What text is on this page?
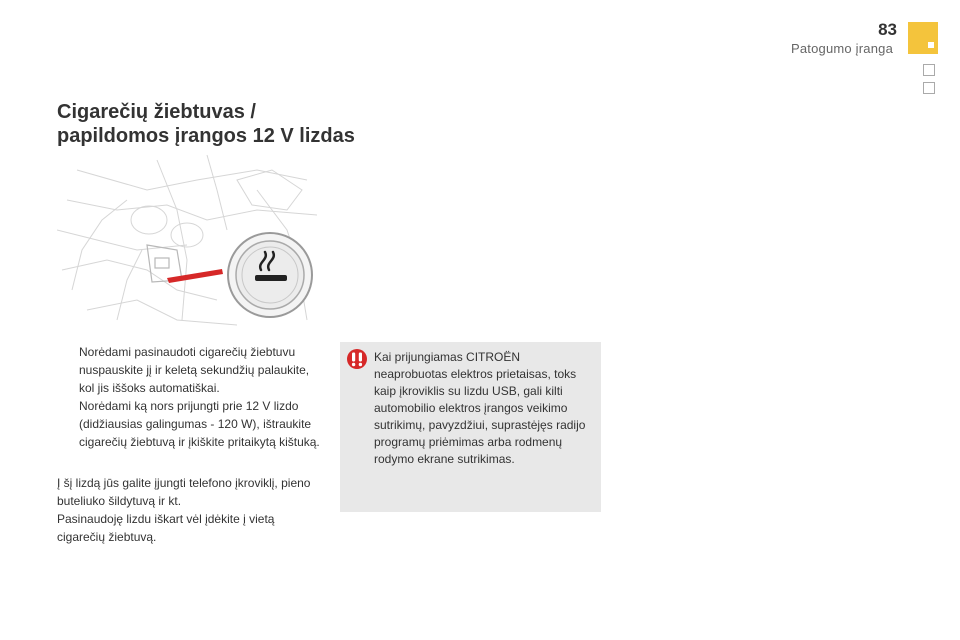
83
Patogumo įranga
Cigarečių žiebtuvas /
papildomos įrangos 12 V lizdas
Norėdami pasinaudoti cigarečių žiebtuvu nuspauskite jį ir keletą sekundžių palaukite, kol jis iššoks automatiškai.
Norėdami ką nors prijungti prie 12 V lizdo (didžiausias galingumas - 120 W), ištraukite cigarečių žiebtuvą ir įkiškite pritaikytą kištuką.

Į šį lizdą jūs galite įjungti telefono įkroviklį, pieno buteliuko šildytuvą ir kt.
Pasinaudoję lizdu iškart vėl įdėkite į vietą cigarečių žiebtuvą.

Kai prijungiamas CITROËN neaprobuotas elektros prietaisas, toks kaip įkroviklis su lizdu USB, gali kilti automobilio elektros įrangos veikimo sutrikimų, pavyzdžiui, suprastėjęs radijo programų priėmimas arba rodmenų rodymo ekrane sutrikimas.
